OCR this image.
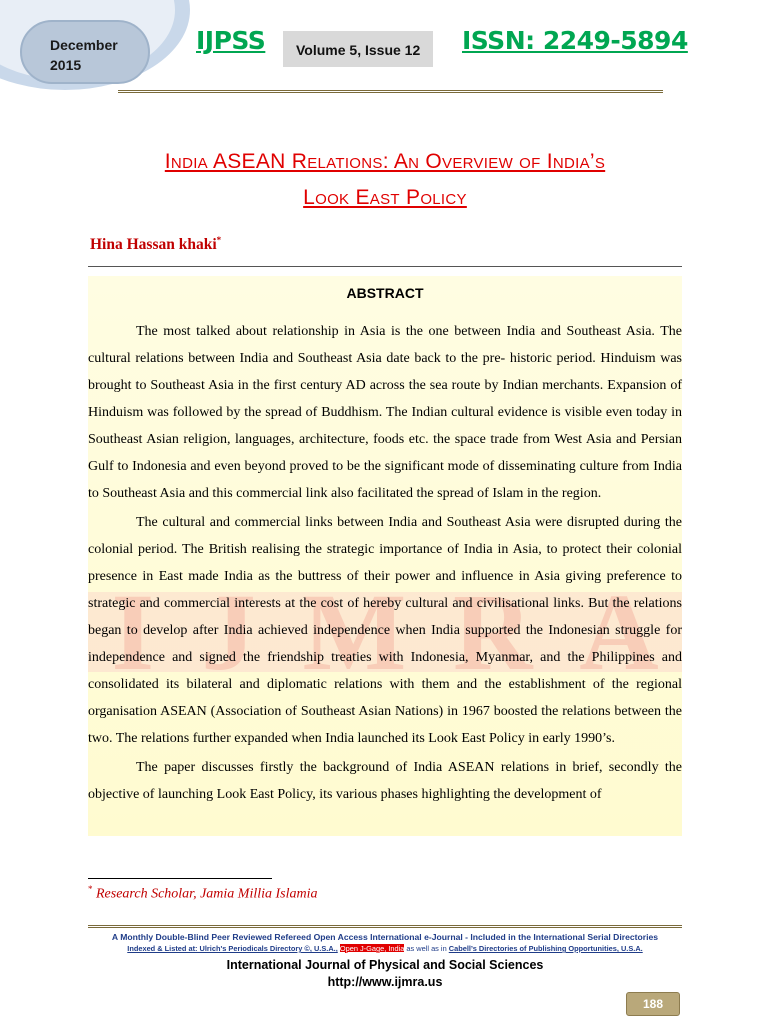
December 2015
IJPSS	Volume 5, Issue 12	ISSN: 2249-5894
I J M R A
India ASEAN Relations: An Overview of India’s
Look East Policy
Hina Hassan khaki*
ABSTRACT

The most talked about relationship in Asia is the one between India and Southeast Asia. The cultural relations between India and Southeast Asia date back to the pre- historic period. Hinduism was brought to Southeast Asia in the first century AD across the sea route by Indian merchants. Expansion of Hinduism was followed by the spread of Buddhism. The Indian cultural evidence is visible even today in Southeast Asian religion, languages, architecture, foods etc. the space trade from West Asia and Persian Gulf to Indonesia and even beyond proved to be the significant mode of disseminating culture from India to Southeast Asia and this commercial link also facilitated the spread of Islam in the region.

The cultural and commercial links between India and Southeast Asia were disrupted during the colonial period. The British realising the strategic importance of India in Asia, to protect their colonial presence in East made India as the buttress of their power and influence in Asia giving preference to strategic and commercial interests at the cost of hereby cultural and civilisational links. But the relations began to develop after India achieved independence when India supported the Indonesian struggle for independence and signed the friendship treaties with Indonesia, Myanmar, and the Philippines and consolidated its bilateral and diplomatic relations with them and the establishment of the regional organisation ASEAN (Association of Southeast Asian Nations) in 1967 boosted the relations between the two. The relations further expanded when India launched its Look East Policy in early 1990’s.

The paper discusses firstly the background of India ASEAN relations in brief, secondly the objective of launching Look East Policy, its various phases highlighting the development of

* Research Scholar, Jamia Millia Islamia
A Monthly Double-Blind Peer Reviewed Refereed Open Access International e-Journal - Included in the International Serial Directories
Indexed & Listed at: Ulrich's Periodicals Directory ©, U.S.A., Open J-Gage, India as well as in Cabell’s Directories of Publishing Opportunities, U.S.A.
International Journal of Physical and Social Sciences
http://www.ijmra.us
188
